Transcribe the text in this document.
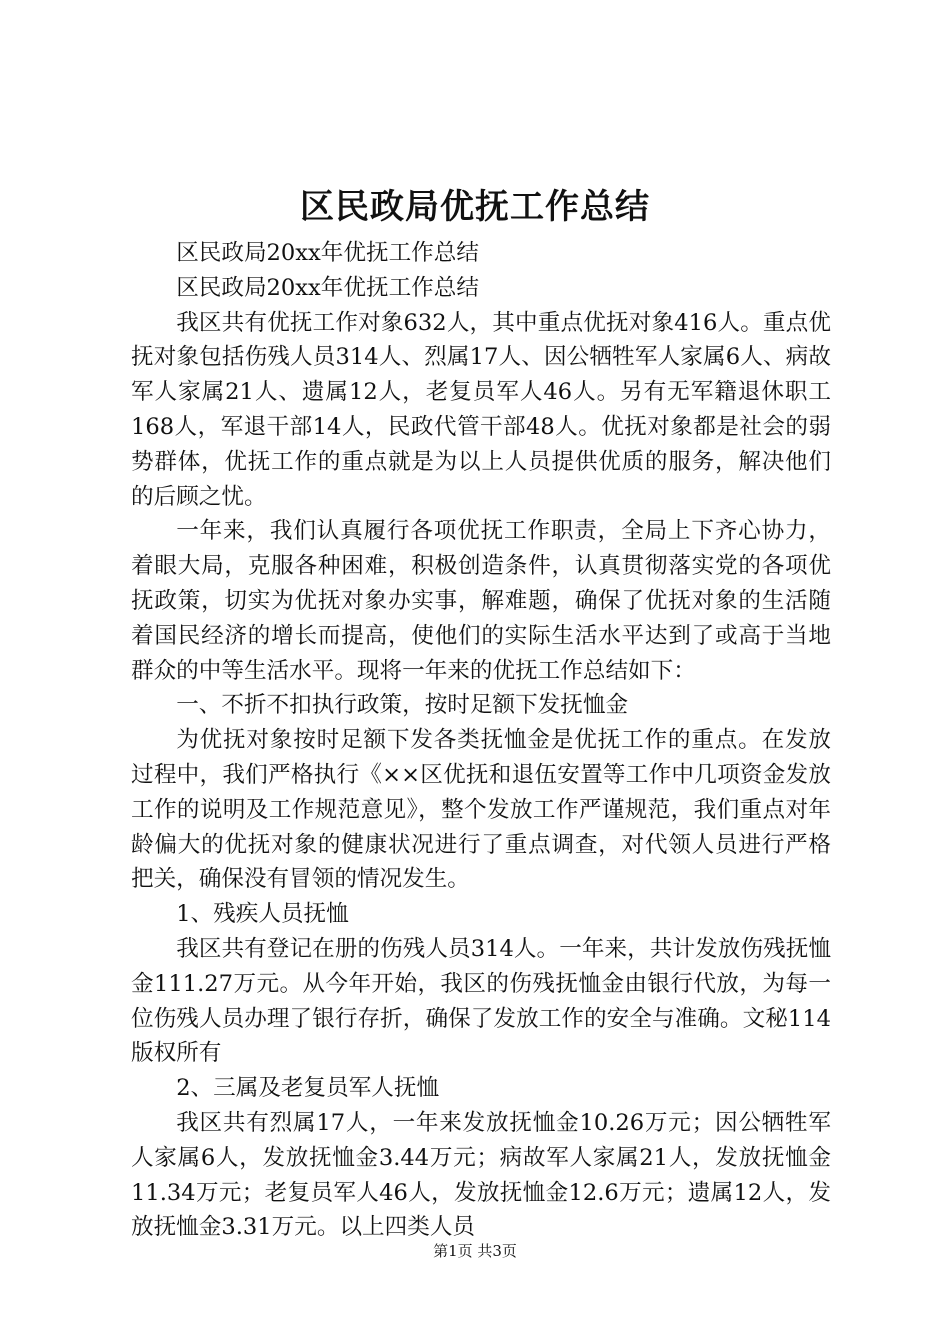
区民政局优抚工作总结

区民政局20xx年优抚工作总结

区民政局20xx年优抚工作总结

我区共有优抚工作对象632人，其中重点优抚对象416人。重点优抚对象包括伤残人员314人、烈属17人、因公牺牲军人家属6人、病故军人家属21人、遗属12人，老复员军人46人。另有无军籍退休职工168人，军退干部14人，民政代管干部48人。优抚对象都是社会的弱势群体，优抚工作的重点就是为以上人员提供优质的服务，解决他们的后顾之忧。

一年来，我们认真履行各项优抚工作职责，全局上下齐心协力，着眼大局，克服各种困难，积极创造条件，认真贯彻落实党的各项优抚政策，切实为优抚对象办实事，解难题，确保了优抚对象的生活随着国民经济的增长而提高，使他们的实际生活水平达到了或高于当地群众的中等生活水平。现将一年来的优抚工作总结如下：

一、不折不扣执行政策，按时足额下发抚恤金

为优抚对象按时足额下发各类抚恤金是优抚工作的重点。在发放过程中，我们严格执行《××区优抚和退伍安置等工作中几项资金发放工作的说明及工作规范意见》，整个发放工作严谨规范，我们重点对年龄偏大的优抚对象的健康状况进行了重点调查，对代领人员进行严格把关，确保没有冒领的情况发生。

1、残疾人员抚恤

我区共有登记在册的伤残人员314人。一年来，共计发放伤残抚恤金111.27万元。从今年开始，我区的伤残抚恤金由银行代放，为每一位伤残人员办理了银行存折，确保了发放工作的安全与准确。文秘114版权所有

2、三属及老复员军人抚恤

我区共有烈属17人，一年来发放抚恤金10.26万元；因公牺牲军人家属6人，发放抚恤金3.44万元；病故军人家属21人，发放抚恤金11.34万元；老复员军人46人，发放抚恤金12.6万元；遗属12人，发放抚恤金3.31万元。以上四类人员

第1页 共3页
